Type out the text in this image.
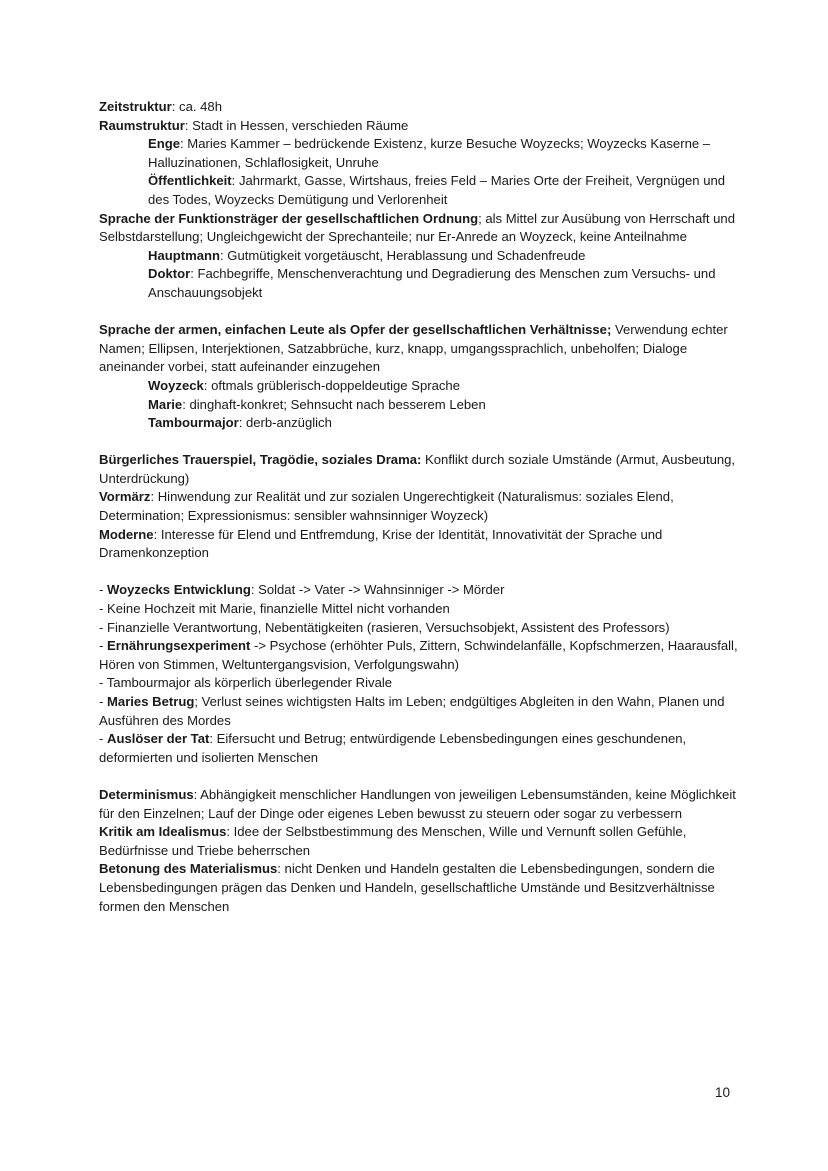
Zeitstruktur: ca. 48h

Raumstruktur: Stadt in Hessen, verschieden Räume

Enge: Maries Kammer – bedrückende Existenz, kurze Besuche Woyzecks; Woyzecks Kaserne – Halluzinationen, Schlaflosigkeit, Unruhe

Öffentlichkeit: Jahrmarkt, Gasse, Wirtshaus, freies Feld – Maries Orte der Freiheit, Vergnügen und des Todes, Woyzecks Demütigung und Verlorenheit

Sprache der Funktionsträger der gesellschaftlichen Ordnung; als Mittel zur Ausübung von Herrschaft und Selbstdarstellung; Ungleichgewicht der Sprechanteile; nur Er-Anrede an Woyzeck, keine Anteilnahme

Hauptmann: Gutmütigkeit vorgetäuscht, Herablassung und Schadenfreude

Doktor: Fachbegriffe, Menschenverachtung und Degradierung des Menschen zum Versuchs- und Anschauungsobjekt

Sprache der armen, einfachen Leute als Opfer der gesellschaftlichen Verhältnisse; Verwendung echter Namen; Ellipsen, Interjektionen, Satzabbrüche, kurz, knapp, umgangssprachlich, unbeholfen; Dialoge aneinander vorbei, statt aufeinander einzugehen

Woyzeck: oftmals grüblerisch-doppeldeutige Sprache

Marie: dinghaft-konkret; Sehnsucht nach besserem Leben

Tambourmajor: derb-anzüglich

Bürgerliches Trauerspiel, Tragödie, soziales Drama: Konflikt durch soziale Umstände (Armut, Ausbeutung, Unterdrückung)

Vormärz: Hinwendung zur Realität und zur sozialen Ungerechtigkeit (Naturalismus: soziales Elend, Determination; Expressionismus: sensibler wahnsinniger Woyzeck)

Moderne: Interesse für Elend und Entfremdung, Krise der Identität, Innovativität der Sprache und Dramenkonzeption

- Woyzecks Entwicklung: Soldat -> Vater -> Wahnsinniger -> Mörder

- Keine Hochzeit mit Marie, finanzielle Mittel nicht vorhanden

- Finanzielle Verantwortung, Nebentätigkeiten (rasieren, Versuchsobjekt, Assistent des Professors)

- Ernährungsexperiment -> Psychose (erhöhter Puls, Zittern, Schwindelanfälle, Kopfschmerzen, Haarausfall, Hören von Stimmen, Weltuntergangsvision, Verfolgungswahn)

- Tambourmajor als körperlich überlegender Rivale

- Maries Betrug; Verlust seines wichtigsten Halts im Leben; endgültiges Abgleiten in den Wahn, Planen und Ausführen des Mordes

- Auslöser der Tat: Eifersucht und Betrug; entwürdigende Lebensbedingungen eines geschundenen, deformierten und isolierten Menschen

Determinismus: Abhängigkeit menschlicher Handlungen von jeweiligen Lebensumständen, keine Möglichkeit für den Einzelnen; Lauf der Dinge oder eigenes Leben bewusst zu steuern oder sogar zu verbessern

Kritik am Idealismus: Idee der Selbstbestimmung des Menschen, Wille und Vernunft sollen Gefühle, Bedürfnisse und Triebe beherrschen

Betonung des Materialismus: nicht Denken und Handeln gestalten die Lebensbedingungen, sondern die Lebensbedingungen prägen das Denken und Handeln, gesellschaftliche Umstände und Besitzverhältnisse formen den Menschen

10
